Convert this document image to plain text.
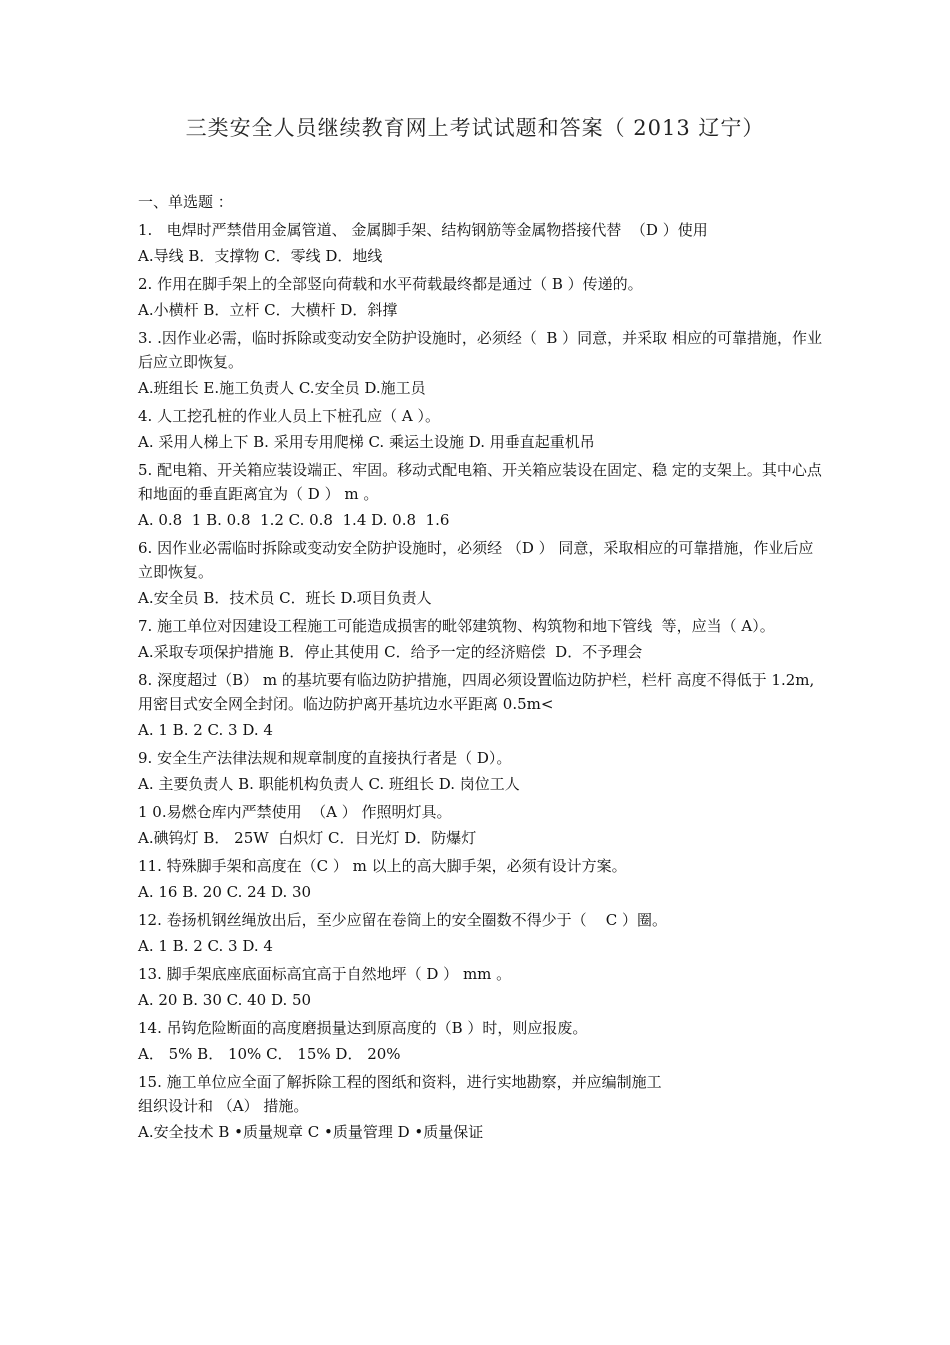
三类安全人员继续教育网上考试试题和答案（ 2013 辽宁）
一、单选题 ：
1.   电焊时严禁借用金属管道、 金属脚手架、结构钢筋等金属物搭接代替  （D ）使用
A.导线 B．支撑物 C．零线 D．地线
2. 作用在脚手架上的全部竖向荷载和水平荷载最终都是通过（ B ）传递的。
A.小横杆 B．立杆 C．大横杆 D．斜撑
3. .因作业必需，临时拆除或变动安全防护设施时，必须经（  B ）同意，并采取 相应的可靠措施，作业后应立即恢复。
A.班组长 E.施工负责人 C.安全员 D.施工员
4. 人工挖孔桩的作业人员上下桩孔应（ A ）。
A. 采用人梯上下 B. 采用专用爬梯 C. 乘运土设施 D. 用垂直起重机吊
5. 配电箱、开关箱应装设端正、牢固。移动式配电箱、开关箱应装设在固定、稳 定的支架上。其中心点和地面的垂直距离宜为（ D ） m 。
A. 0.8  1 B. 0.8  1.2 C. 0.8  1.4 D. 0.8  1.6
6. 因作业必需临时拆除或变动安全防护设施时，必须经 （D ） 同意，采取相应的可靠措施，作业后应立即恢复。
A.安全员 B．技术员 C．班长 D.项目负责人
7. 施工单位对因建设工程施工可能造成损害的毗邻建筑物、构筑物和地下管线  等，应当（ A）。
A.采取专项保护措施 B．停止其使用 C．给予一定的经济赔偿  D．不予理会
8. 深度超过（B） m 的基坑要有临边防护措施，四周必须设置临边防护栏，栏杆 高度不得低于 1.2m,用密目式安全网全封闭。临边防护离开基坑边水平距离 0.5m<
A. 1 B. 2 C. 3 D. 4
9. 安全生产法律法规和规章制度的直接执行者是（ D）。
A. 主要负责人 B. 职能机构负责人 C. 班组长 D. 岗位工人
1 0.易燃仓库内严禁使用  （A ） 作照明灯具。
A.碘钨灯 B． 25W  白炽灯 C．日光灯 D．防爆灯
11. 特殊脚手架和高度在（C ） m 以上的高大脚手架，必须有设计方案。
A. 16 B. 20 C. 24 D. 30
12. 卷扬机钢丝绳放出后，至少应留在卷筒上的安全圈数不得少于（    C ）圈。
A. 1 B. 2 C. 3 D. 4
13. 脚手架底座底面标高宜高于自然地坪（ D ） mm 。
A. 20 B. 30 C. 40 D. 50
14. 吊钩危险断面的高度磨损量达到原高度的（B ）时，则应报废。
A． 5% B． 10% C． 15% D． 20%
15. 施工单位应全面了解拆除工程的图纸和资料，进行实地勘察，并应编制施工
组织设计和 （A） 措施。
A.安全技术 B •质量规章 C •质量管理 D •质量保证
